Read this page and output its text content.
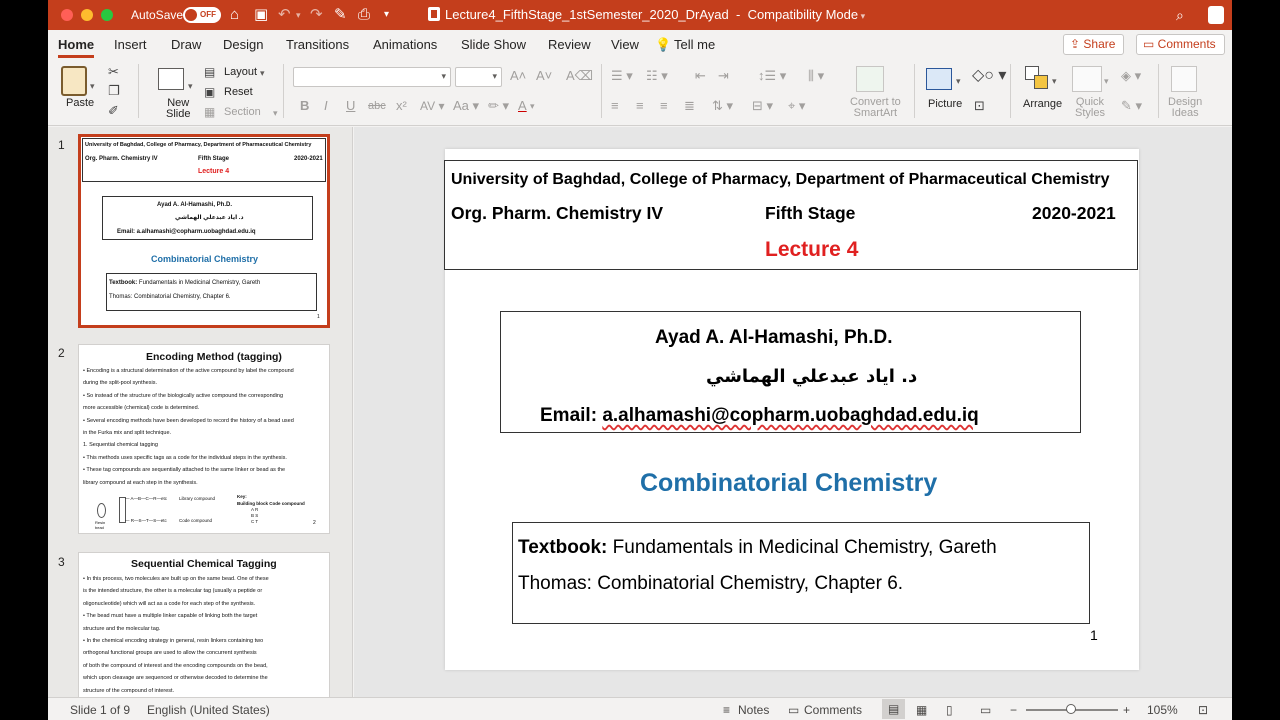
AutoSave OFF ⌂ ▣ ↶ ▾ ↷ ✎ ⎙ ▾	Lecture4_FifthStage_1stSemester_2020_DrAyad  -  Compatibility Mode ▾	⌕
Home Insert Draw Design Transitions Animations Slide Show Review View 💡 Tell me	⇪ Share	▭ Comments
Paste
▾
✂
❐
✐	New
Slide
▾
▤ Layout ▾
▣ Reset
▦ Section ▾
▾	▾ A˄ A˅ A⌫
B I U abc x² AV ▾ Aa ▾ ✏ ▾ A ▾
☰ ▾ ☷ ▾ ⇤ ⇥ ↕☰ ▾ ⫼ ▾
≡ ≡ ≡ ≣ ⇅ ▾ ⊟ ▾ ⌖ ▾	Convert to
SmartArt
▾
Picture
◇○ ▾
⊡
▾
Arrange
▾
Quick
Styles
◈ ▾
✎ ▾ Design
Ideas
1	University of Baghdad, College of Pharmacy, Department of Pharmaceutical Chemistry
Org. Pharm. Chemistry IV	Fifth Stage	2020-2021
Lecture 4
Ayad A. Al-Hamashi, Ph.D.
د. اياد عبدعلي الهماشي
Email: a.alhamashi@copharm.uobaghdad.edu.iq
Combinatorial Chemistry
Textbook: Fundamentals in Medicinal Chemistry, Gareth
Thomas: Combinatorial Chemistry, Chapter 6.
1
2	Encoding Method (tagging)
• Encoding is a structural determination of the active compound by label the compound
during the split-pool synthesis.
• So instead of the structure of the biologically active compound the corresponding
more accessible (chemical) code is determined.
• Several encoding methods have been developed to record the history of a bead used
in the Furka mix and split technique.
1. Sequential chemical tagging
• This methods uses specific tags as a code for the individual steps in the synthesis.
• These tag compounds are sequentially attached to the same linker or bead as the
library compound at each step in the synthesis.
— A—B—C—R—etc	Library compound
— R—S—T—S—etc	Code compound
Resin
bead
Key:
Building block Code compound
A R
B S
C T	2
3	Sequential Chemical Tagging
• In this process, two molecules are built up on the same bead. One of these
is the intended structure, the other is a molecular tag (usually a peptide or
oligonucleotide) which will act as a code for each step of the synthesis.
• The bead must have a multiple linker capable of linking both the target
structure and the molecular tag.
• In the chemical encoding strategy in general, resin linkers containing two
orthogonal functional groups are used to allow the concurrent synthesis
of both the compound of interest and the encoding compounds on the bead,
which upon cleavage are sequenced or otherwise decoded to determine the
structure of the compound of interest.
University of Baghdad, College of Pharmacy, Department of Pharmaceutical Chemistry
Org. Pharm. Chemistry IV	Fifth Stage	2020-2021
Lecture 4
Ayad A. Al-Hamashi, Ph.D.
د. اياد عبدعلي الهماشي
Email: a.alhamashi@copharm.uobaghdad.edu.iq
Combinatorial Chemistry
Textbook: Fundamentals in Medicinal Chemistry, Gareth
Thomas: Combinatorial Chemistry, Chapter 6.
1
Slide 1 of 9 English (United States)	≡ Notes ▭ Comments	▤	▦ ▯ ▭ −	+ 105% ⊡
